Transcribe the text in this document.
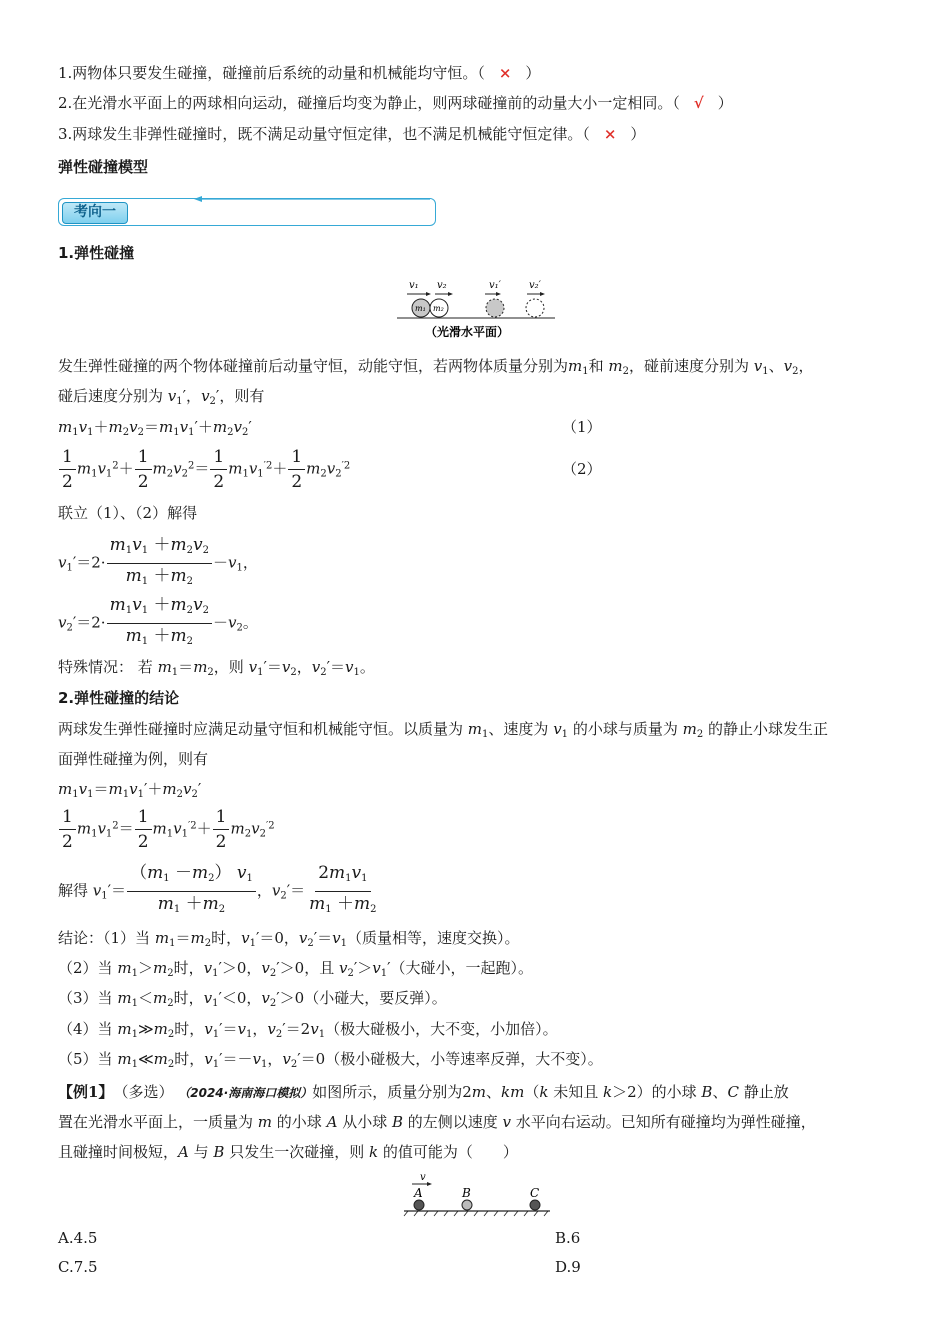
1.两物体只要发生碰撞，碰撞前后系统的动量和机械能均守恒。（ × ）
2.在光滑水平面上的两球相向运动，碰撞后均变为静止，则两球碰撞前的动量大小一定相同。（ √ ）
3.两球发生非弹性碰撞时，既不满足动量守恒定律，也不满足机械能守恒定律。（ × ）
弹性碰撞模型
考向一
1.弹性碰撞
v₁ v₂	v₁′	v₂′
m₁ m₂
（光滑水平面）
发生弹性碰撞的两个物体碰撞前后动量守恒，动能守恒，若两物体质量分别为$m_1$和 $m_2$，碰前速度分别为 $v_1$、$v_2$，
碰后速度分别为 $v_1'$，$v_2'$，则有
$m_1v_1+m_2v_2=m_1v_1'+m_2v_2'$	（1）
$\frac{1}{2} m_1v_1^2+ \frac{1}{2} m_2v_2^2= \frac{1}{2} m_1v_1^{'2}+ \frac{1}{2} m_2v_2^{'2}$	（2）
联立（1）、（2）解得
$v_1'=2\cdot \frac{m_1v_1 +m_2v_2}{m_1 +m_2} -v_1$，
$v_2'=2\cdot \frac{m_1v_1 +m_2v_2}{m_1 +m_2} -v_2$。
特殊情况： 若 $m_1=m_2$，则 $v_1'=v_2$，$v_2'=v_1$。
2.弹性碰撞的结论
两球发生弹性碰撞时应满足动量守恒和机械能守恒。以质量为 $m_1$、速度为 $v_1$ 的小球与质量为 $m_2$ 的静止小球发生正
面弹性碰撞为例，则有
$m_1v_1=m_1v_1'+m_2v_2'$
$\frac{1}{2} m_1v_1^2= \frac{1}{2} m_1v_1^{'2}+ \frac{1}{2} m_2v_2^{'2}$
解得 $v_1'= \frac{(m_1 -m_2) v_1}{m_1 +m_2}$ ，$v_2'= \frac{2m_1v_1}{m_1 +m_2}$
结论：（1）当 $m_1=m_2$时，$v_1'=0$，$v_2'=v_1$（质量相等，速度交换）。
（2）当 $m_1>m_2$时，$v_1'>0$，$v_2'>0$，且 $v_2'>v_1'$（大碰小，一起跑）。
（3）当 $m_1<m_2$时，$v_1'<0$，$v_2'>0$（小碰大，要反弹）。
（4）当 $m_1≫m_2$时，$v_1'=v_1$，$v_2'=2v_1$（极大碰极小，大不变，小加倍）。
（5）当 $m_1≪m_2$时，$v_1'=-v_1$，$v_2'=0$（极小碰极大，小等速率反弹，大不变）。
【例1】　 （多选） （2024·海南海口模拟）如图所示，质量分别为2m、km（k 未知且 k＞2）的小球 B、C 静止放
置在光滑水平面上，一质量为 m 的小球 A 从小球 B 的左侧以速度 v 水平向右运动。已知所有碰撞均为弹性碰撞，
且碰撞时间极短，A 与 B 只发生一次碰撞，则 k 的值可能为（　　）
v
A	B	C
A.4.5	B.6
C.7.5	D.9
